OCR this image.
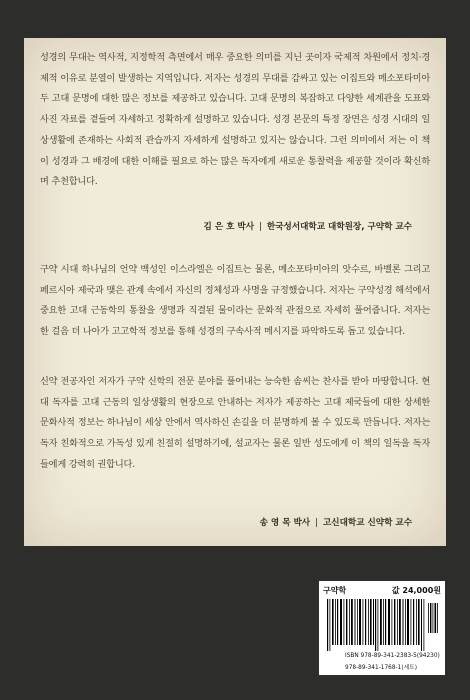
성경의 무대는 역사적, 지정학적 측면에서 매우 중요한 의미를 지닌 곳이자 국제적 차원에서 정치·경제적 이유로 분열이 발생하는 지역입니다. 저자는 성경의 무대를 감싸고 있는 이집트와 메소포타미아 두 고대 문명에 대한 많은 정보를 제공하고 있습니다. 고대 문명의 복잡하고 다양한 세계관을 도표와 사진 자료를 곁들여 자세하고 정확하게 설명하고 있습니다. 성경 본문의 특정 장면은 성경 시대의 일상생활에 존재하는 사회적 관습까지 자세하게 설명하고 있지는 않습니다. 그런 의미에서 저는 이 책이 성경과 그 배경에 대한 이해를 필요로 하는 많은 독자에게 새로운 통찰력을 제공할 것이라 확신하며 추천합니다.

김 은 호 박사 | 한국성서대학교 대학원장, 구약학 교수

구약 시대 하나님의 언약 백성인 이스라엘은 이집트는 물론, 메소포타미아의 앗수르, 바벨론 그리고 페르시아 제국과 맺은 관계 속에서 자신의 정체성과 사명을 규정했습니다. 저자는 구약성경 해석에서 중요한 고대 근동학의 통찰을 생명과 직결된 물이라는 문화적 관점으로 자세히 풀어줍니다. 저자는 한 걸음 더 나아가 고고학적 정보를 통해 성경의 구속사적 메시지를 파악하도록 돕고 있습니다.

신약 전공자인 저자가 구약 신학의 전문 분야를 풀어내는 능숙한 솜씨는 찬사를 받아 마땅합니다. 현대 독자를 고대 근동의 일상생활의 현장으로 안내하는 저자가 제공하는 고대 제국들에 대한 상세한 문화사적 정보는 하나님이 세상 안에서 역사하신 손길을 더 분명하게 볼 수 있도록 만듭니다. 저자는 독자 친화적으로 가독성 있게 친절히 설명하기에, 설교자는 물론 일반 성도에게 이 책의 일독을 독자들에게 강력히 권합니다.

송 영 목 박사 | 고신대학교 신약학 교수

구약학	값 24,000원
ISBN 978-89-341-2383-5(94230)
978-89-341-1768-1(세트)
